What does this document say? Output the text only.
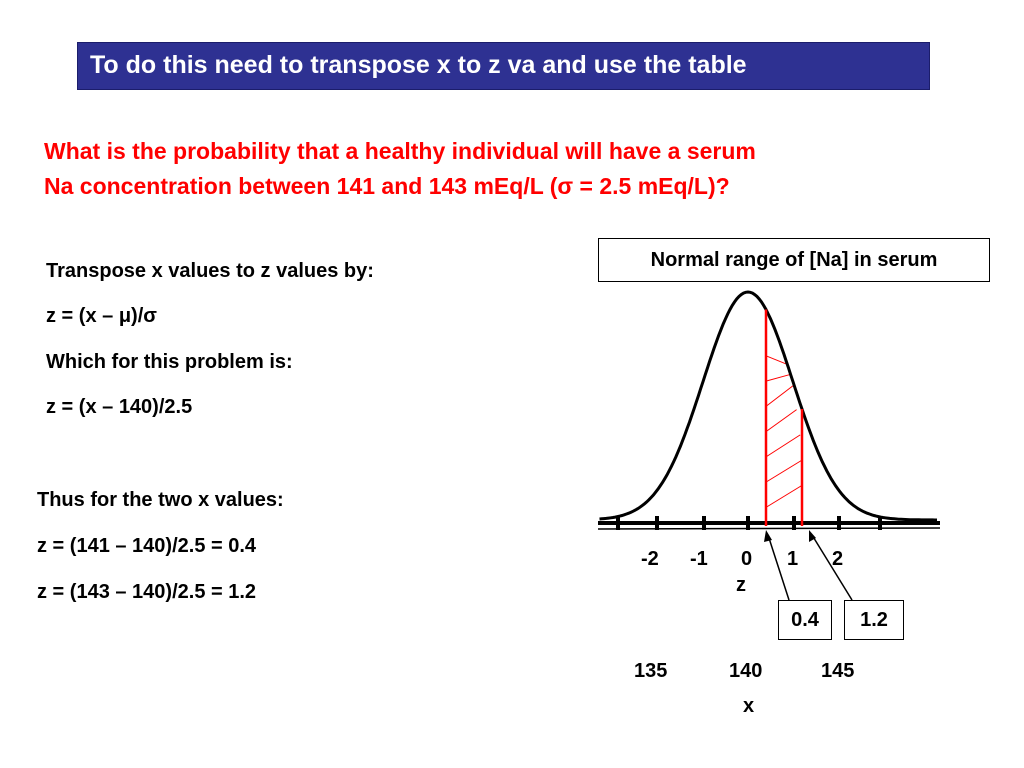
To do this need to transpose x to z va and use the table
What is the probability that a healthy individual will have a serum
Na concentration between 141 and 143 mEq/L (σ = 2.5 mEq/L)?
Transpose x values to z values by:
z = (x – μ)/σ
Which for this problem is:
z = (x – 140)/2.5
Thus for the two x values:
z = (141 – 140)/2.5 = 0.4
z = (143 – 140)/2.5 = 1.2
Normal range of [Na] in serum
-2 -1 0 1 2
z
0.4	1.2
135	140	145
x
